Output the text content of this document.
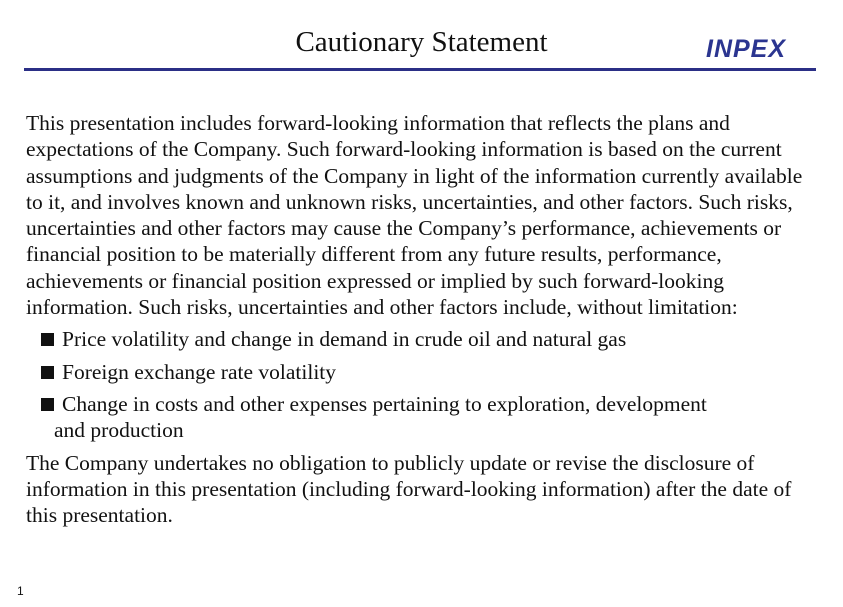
Cautionary Statement	INPEX

This presentation includes forward-looking information that reflects the plans and expectations of the Company. Such forward-looking information is based on the current assumptions and judgments of the Company in light of the information currently available to it, and involves known and unknown risks, uncertainties, and other factors. Such risks, uncertainties and other factors may cause the Company’s performance, achievements or financial position to be materially different from any future results, performance, achievements or financial position expressed or implied by such forward-looking information. Such risks, uncertainties and other factors include, without limitation:

Price volatility and change in demand in crude oil and natural gas
Foreign exchange rate volatility
Change in costs and other expenses pertaining to exploration, development
and production

The Company undertakes no obligation to publicly update or revise the disclosure of information in this presentation (including forward-looking information) after the date of this presentation.

1
